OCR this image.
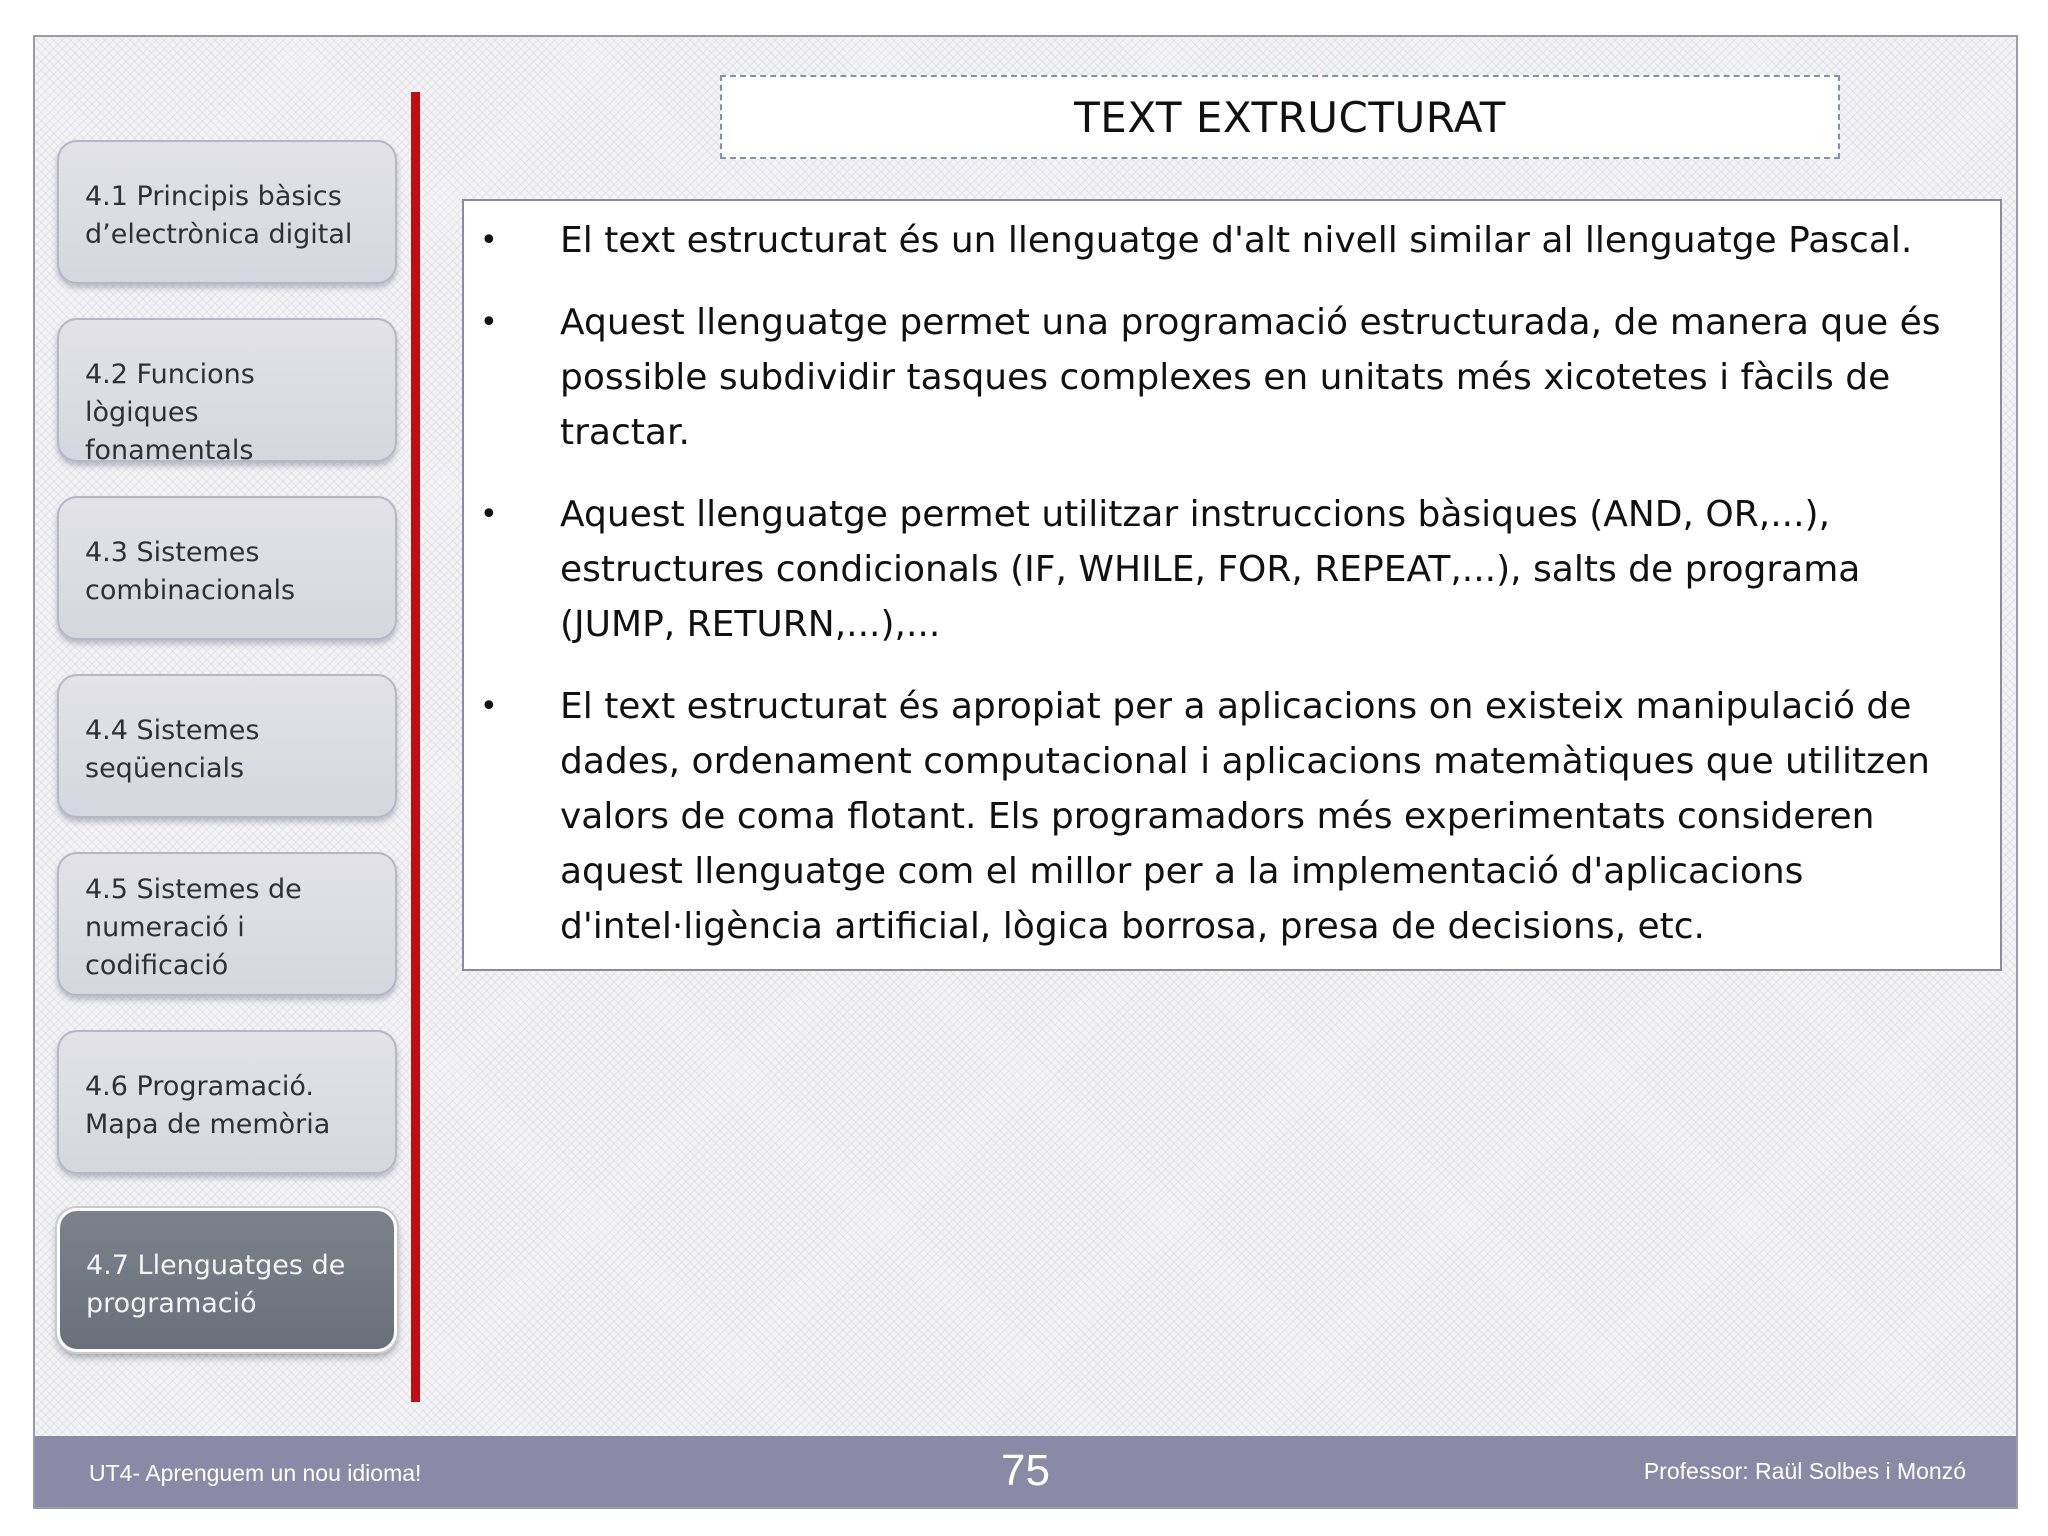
4.1 Principis bàsics
d’electrònica digital
4.2 Funcions lògiques
fonamentals
4.3 Sistemes
combinacionals
4.4 Sistemes
seqüencials
4.5 Sistemes de
numeració i
codificació
4.6 Programació.
Mapa de memòria
4.7 Llenguatges de
programació
TEXT EXTRUCTURAT
• El text estructurat és un llenguatge d'alt nivell similar al llenguatge Pascal.
• Aquest llenguatge permet una programació estructurada, de manera que és possible subdividir tasques complexes en unitats més xicotetes i fàcils de tractar.
• Aquest llenguatge permet utilitzar instruccions bàsiques (AND, OR,...), estructures condicionals (IF, WHILE, FOR, REPEAT,...), salts de programa (JUMP, RETURN,...),...
• El text estructurat és apropiat per a aplicacions on existeix manipulació de dades, ordenament computacional i aplicacions matemàtiques que utilitzen valors de coma flotant. Els programadors més experimentats consideren aquest llenguatge com el millor per a la implementació d'aplicacions d'intel·ligència artificial, lògica borrosa, presa de decisions, etc.
UT4- Aprenguem un nou idioma!	75	Professor: Raül Solbes i Monzó
